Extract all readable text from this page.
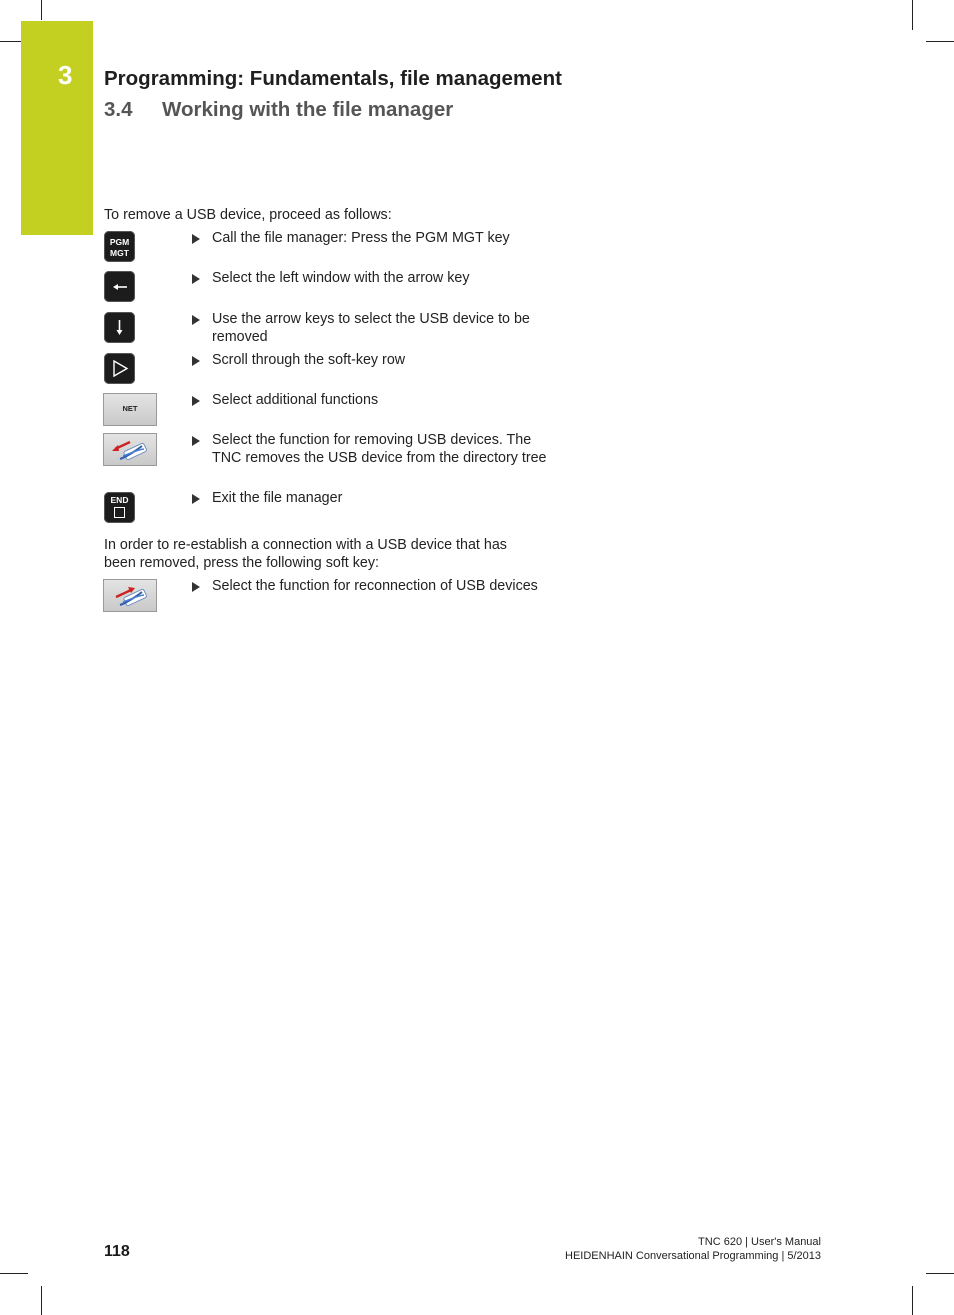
3 Programming: Fundamentals, file management
3.4 Working with the file manager
To remove a USB device, proceed as follows:
PGM
MGT
Call the file manager: Press the PGM MGT key
Select the left window with the arrow key
Use the arrow keys to select the USB device to be removed
Scroll through the soft-key row
NET
Select additional functions
Select the function for removing USB devices. The TNC removes the USB device from the directory tree
END	Exit the file manager
In order to re-establish a connection with a USB device that has been removed, press the following soft key:
Select the function for reconnection of USB devices
118
TNC 620 | User's Manual
HEIDENHAIN Conversational Programming | 5/2013
